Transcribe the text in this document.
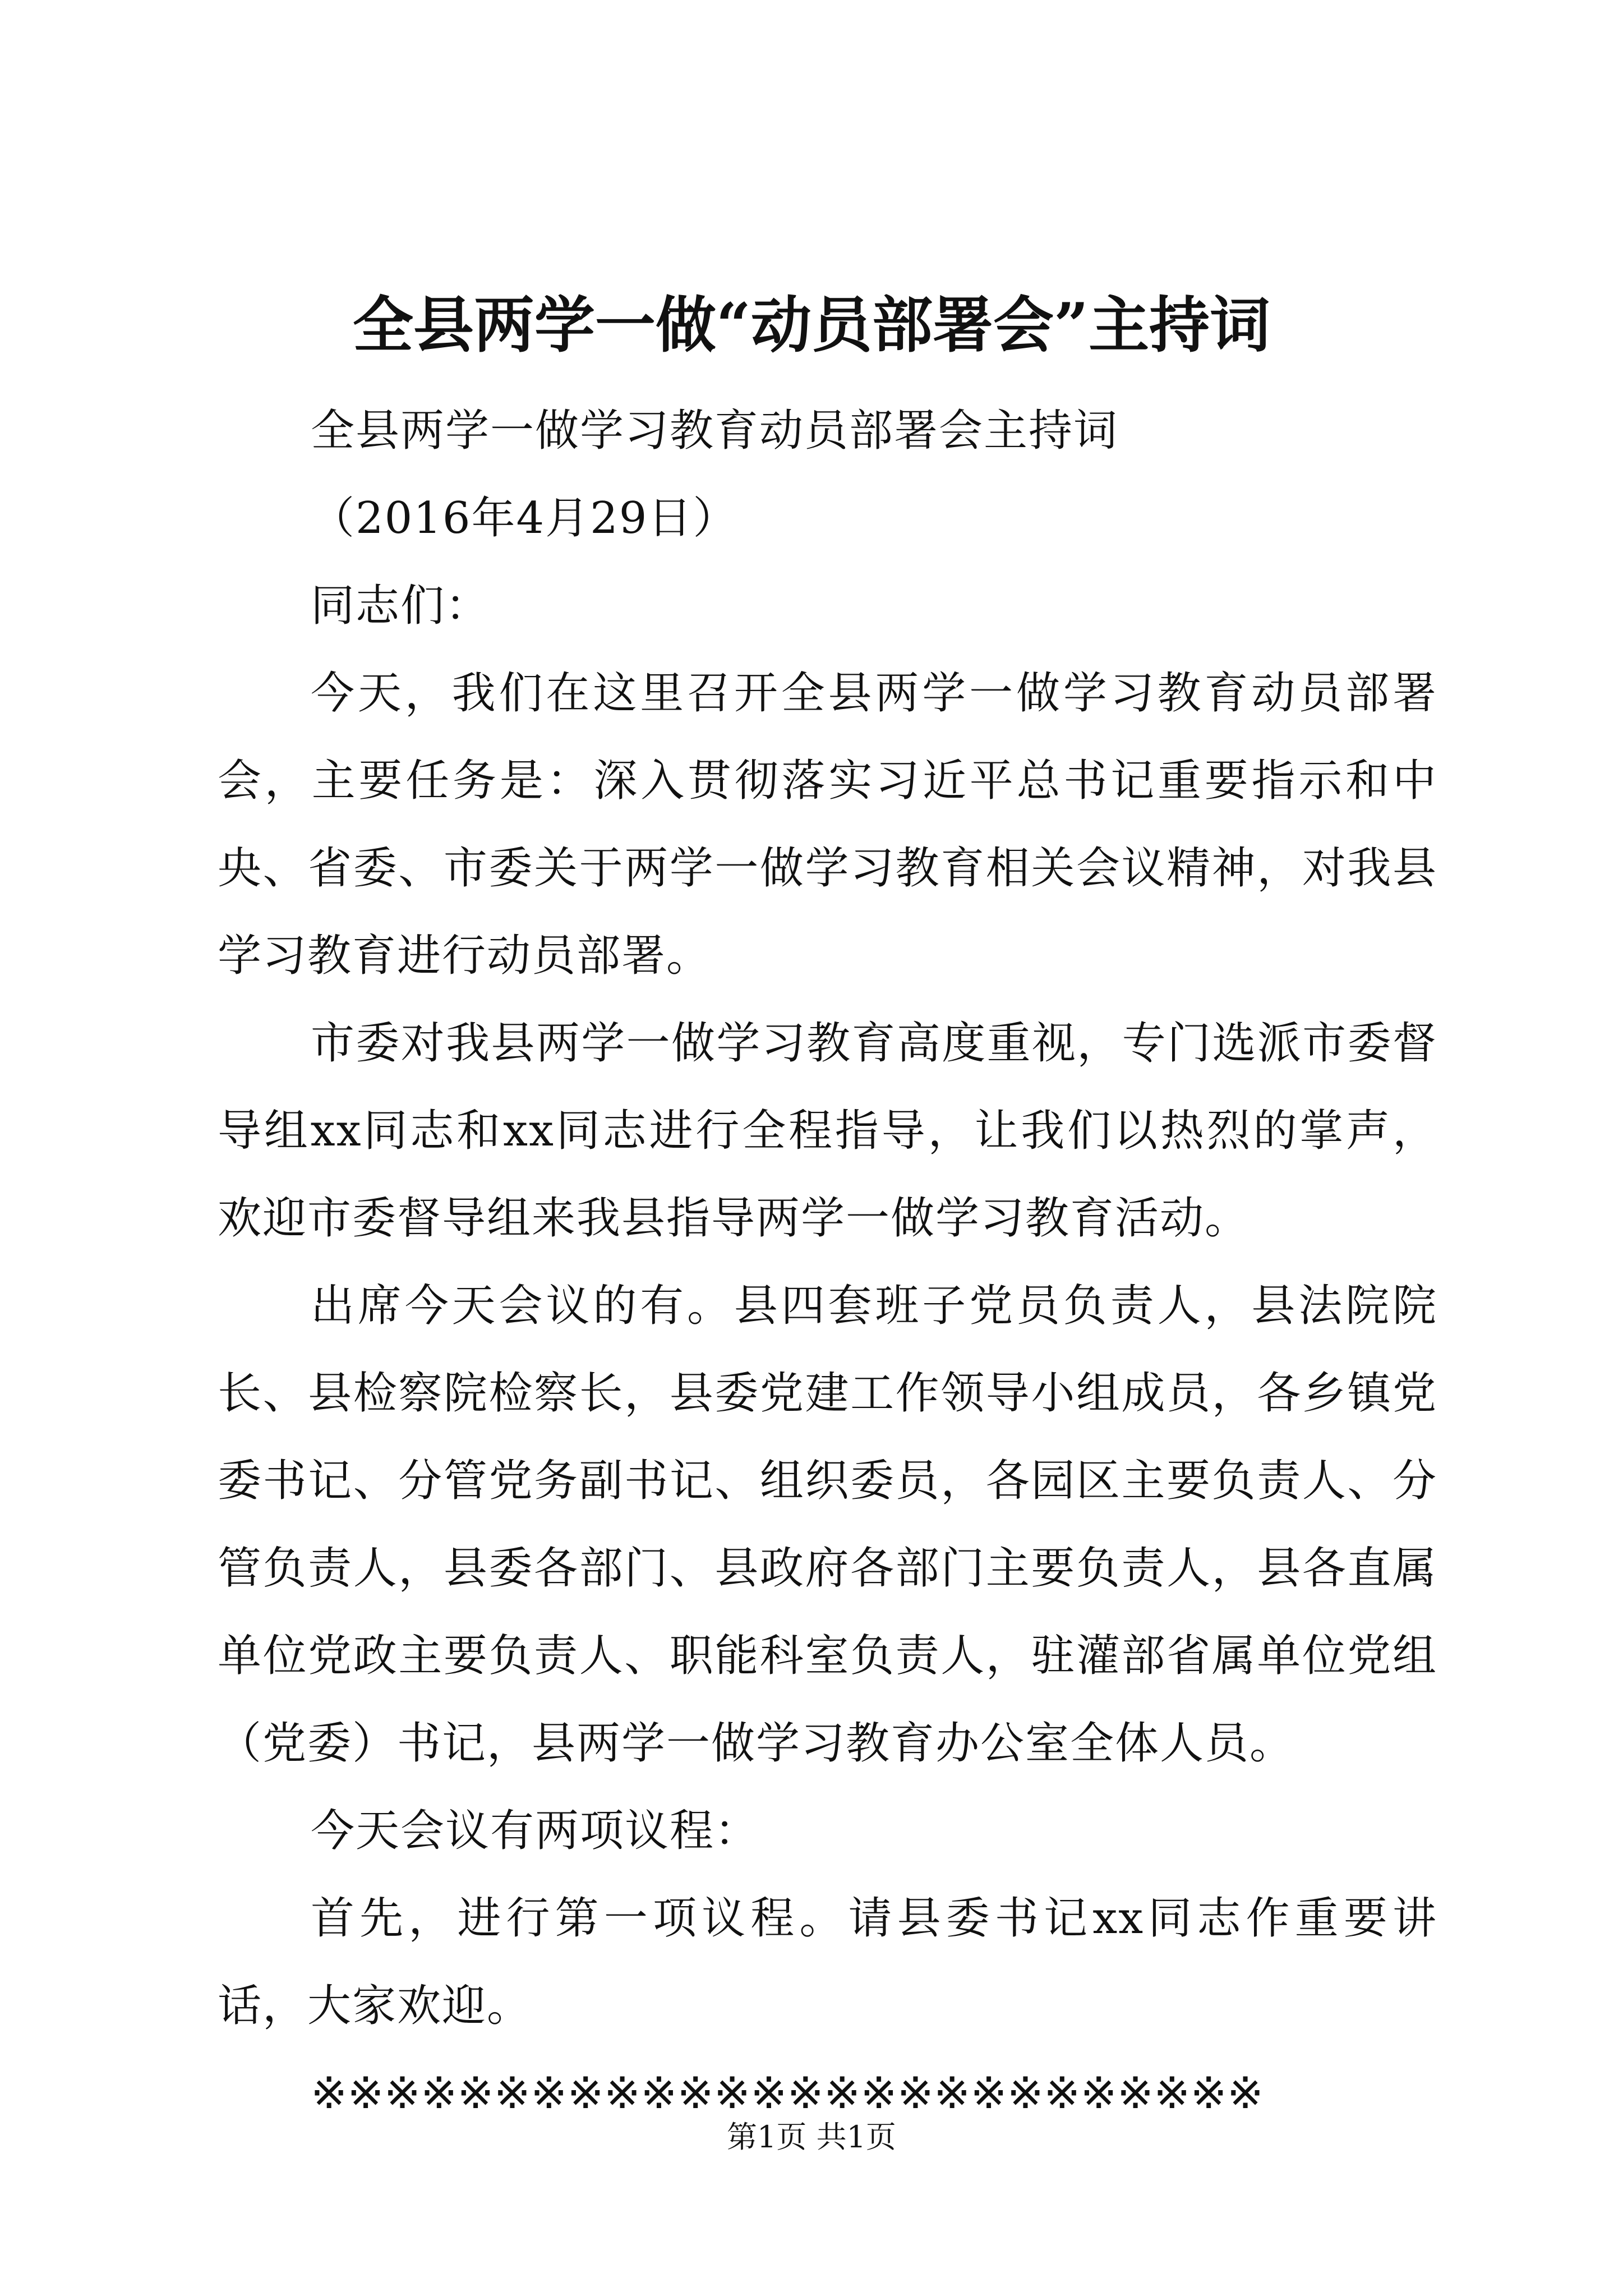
全县两学一做“动员部署会”主持词

全县两学一做学习教育动员部署会主持词

（2016年4月29日）

同志们：

今天，我们在这里召开全县两学一做学习教育动员部署会，主要任务是：深入贯彻落实习近平总书记重要指示和中央、省委、市委关于两学一做学习教育相关会议精神，对我县学习教育进行动员部署。

市委对我县两学一做学习教育高度重视，专门选派市委督导组xx同志和xx同志进行全程指导，让我们以热烈的掌声，欢迎市委督导组来我县指导两学一做学习教育活动。

出席今天会议的有。县四套班子党员负责人，县法院院长、县检察院检察长，县委党建工作领导小组成员，各乡镇党委书记、分管党务副书记、组织委员，各园区主要负责人、分管负责人，县委各部门、县政府各部门主要负责人，县各直属单位党政主要负责人、职能科室负责人，驻灌部省属单位党组（党委）书记，县两学一做学习教育办公室全体人员。

今天会议有两项议程：

首先，进行第一项议程。请县委书记xx同志作重要讲话，大家欢迎。

※※※※※※※※※※※※※※※※※※※※※※※※※※

第1页 共1页
